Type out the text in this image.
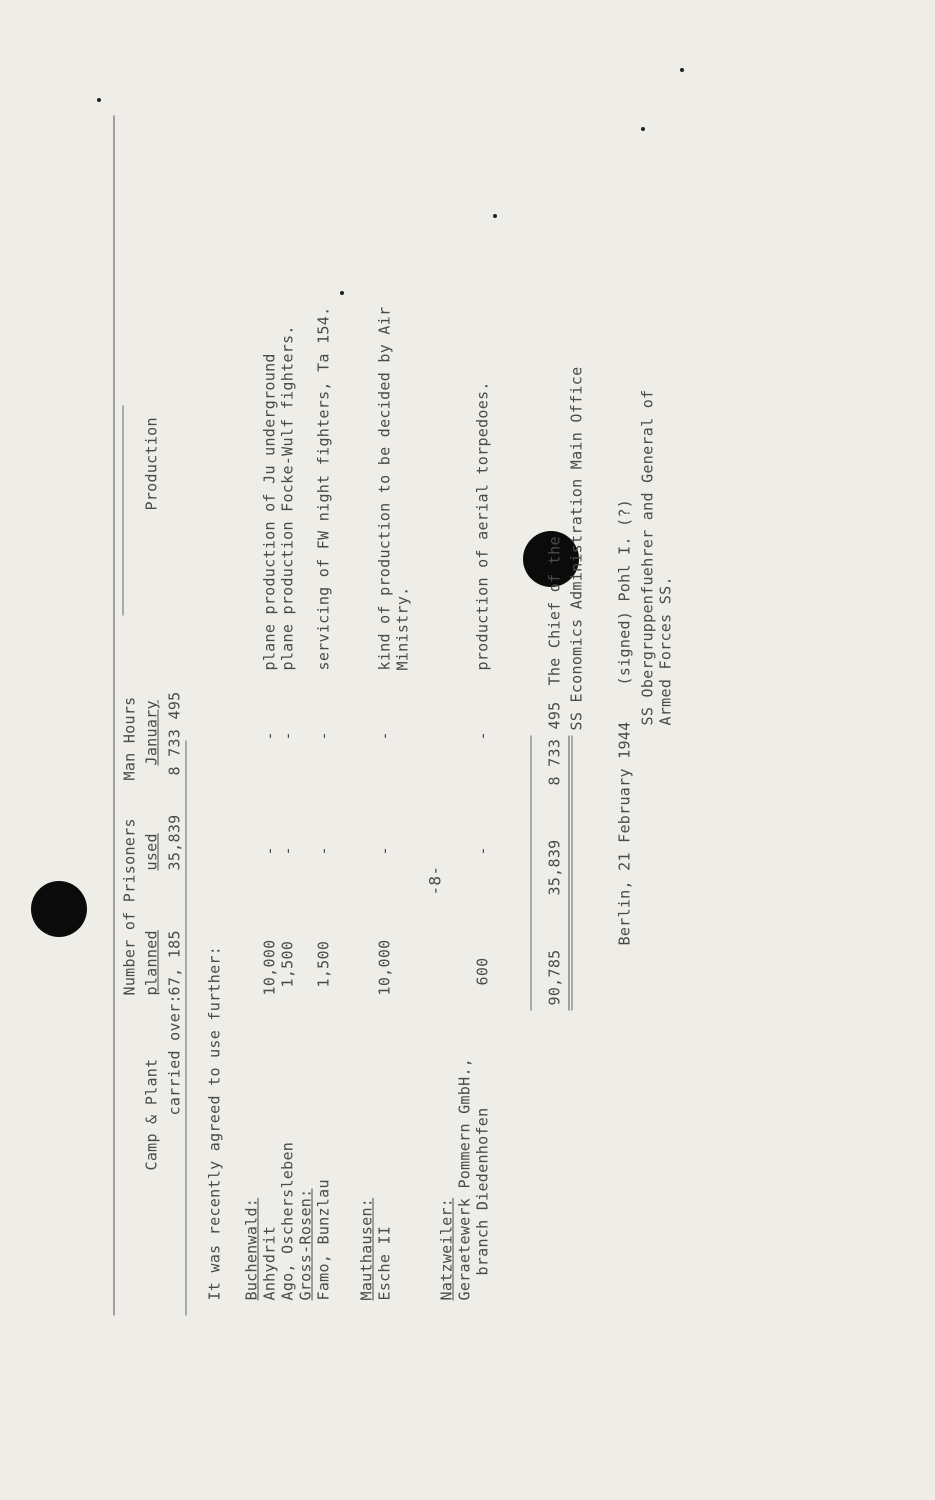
-8-
Camp & Plant
Number of Prisoners planned
used
Man Hours January
Production
carried over:
67, 185
35,839
8 733 495
It was recently agreed to use further: Buchenwald: Anhydrit
10,000
-
-
plane production of Ju underground
Ago, Oschersleben
1,500
-
-
plane production Focke-Wulf fighters.
Gross-Rosen: Famo, Bunzlau
1,500
-
-
servicing of FW night fighters, Ta 154.
Mauthausen: Esche II
10,000
-
-
kind of production to be decided by Air Ministry.
Natzweiler: Geraetewerk Pommern GmbH., branch Diedenhofen
600
-
-
production of aerial torpedoes.
90,785
35,839
8 733 495
The Chief of the SS Economics Administration Main Office
Berlin, 21 February 1944
(signed) Pohl I. (?) SS Obergruppenfuehrer and General of Armed Forces SS.
